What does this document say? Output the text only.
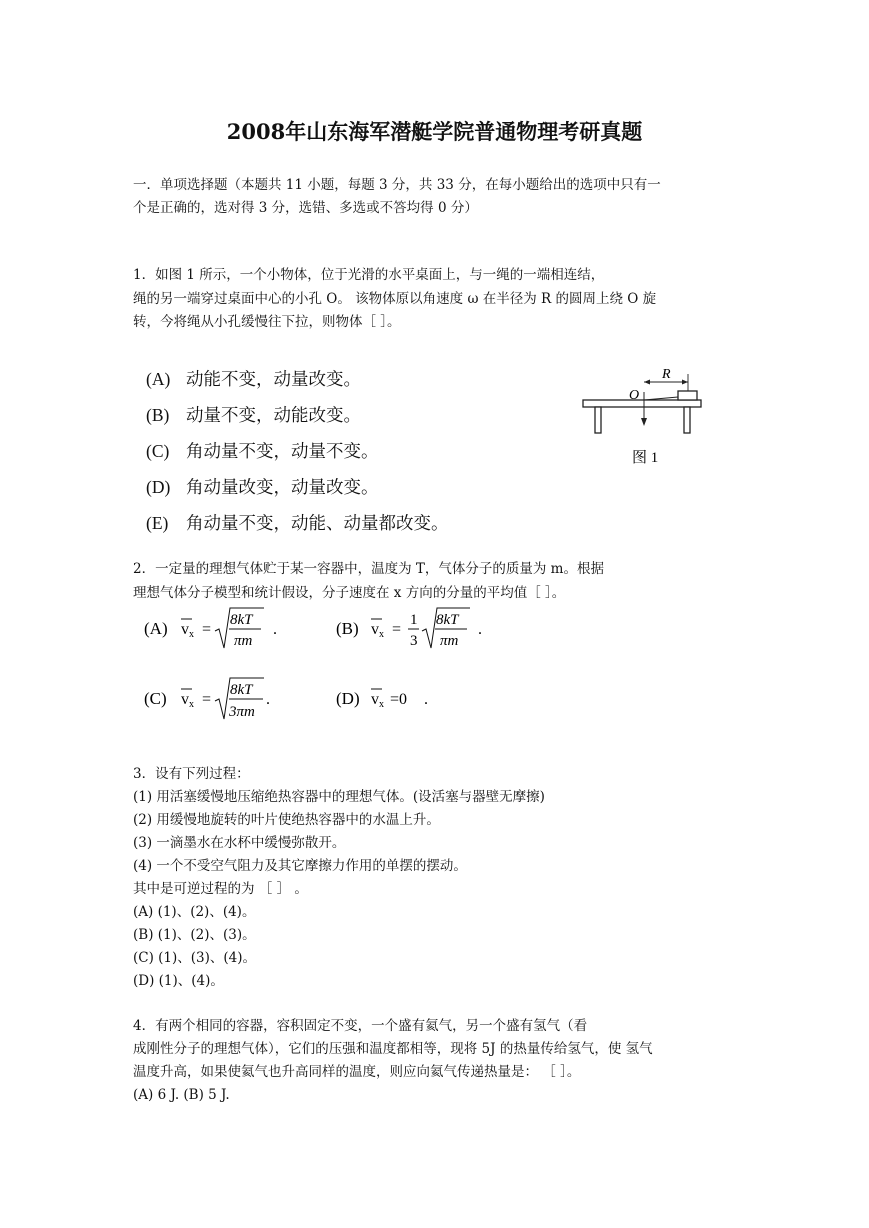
2008年山东海军潜艇学院普通物理考研真题
一．单项选择题（本题共 11 小题，每题 3 分，共 33 分，在每小题给出的选项中只有一
个是正确的，选对得 3 分，选错、多选或不答均得 0 分）
1．如图 1 所示，一个小物体，位于光滑的水平桌面上，与一绳的一端相连结，
绳的另一端穿过桌面中心的小孔 O。 该物体原以角速度 ω 在半径为 R 的圆周上绕 O 旋
转，今将绳从小孔缓慢往下拉，则物体［ ］。
(A) 动能不变，动量改变。
(B) 动量不变，动能改变。
(C) 角动量不变，动量不变。
(D) 角动量改变，动量改变。
(E) 角动量不变，动能、动量都改变。
R
O
图 1
2．一定量的理想气体贮于某一容器中，温度为 T，气体分子的质量为 m。根据
理想气体分子模型和统计假设，分子速度在 x 方向的分量的平均值［ ］。
(A) v x =
8kT
πm
.	(B) v x =
1
3
8kT
πm
.
(C) v x =
8kT
3πm
.	(D) v x =0 .
3．设有下列过程：
(1) 用活塞缓慢地压缩绝热容器中的理想气体。(设活塞与器壁无摩擦)
(2) 用缓慢地旋转的叶片使绝热容器中的水温上升。
(3) 一滴墨水在水杯中缓慢弥散开。
(4) 一个不受空气阻力及其它摩擦力作用的单摆的摆动。
其中是可逆过程的为 ［ ］ 。
(A) (1)、(2)、(4)。
(B) (1)、(2)、(3)。
(C) (1)、(3)、(4)。
(D) (1)、(4)。
4．有两个相同的容器，容积固定不变，一个盛有氦气，另一个盛有氢气（看
成刚性分子的理想气体），它们的压强和温度都相等，现将 5J 的热量传给氢气，使 氢气
温度升高，如果使氦气也升高同样的温度，则应向氦气传递热量是： ［ ］。
(A) 6 J. (B) 5 J.
